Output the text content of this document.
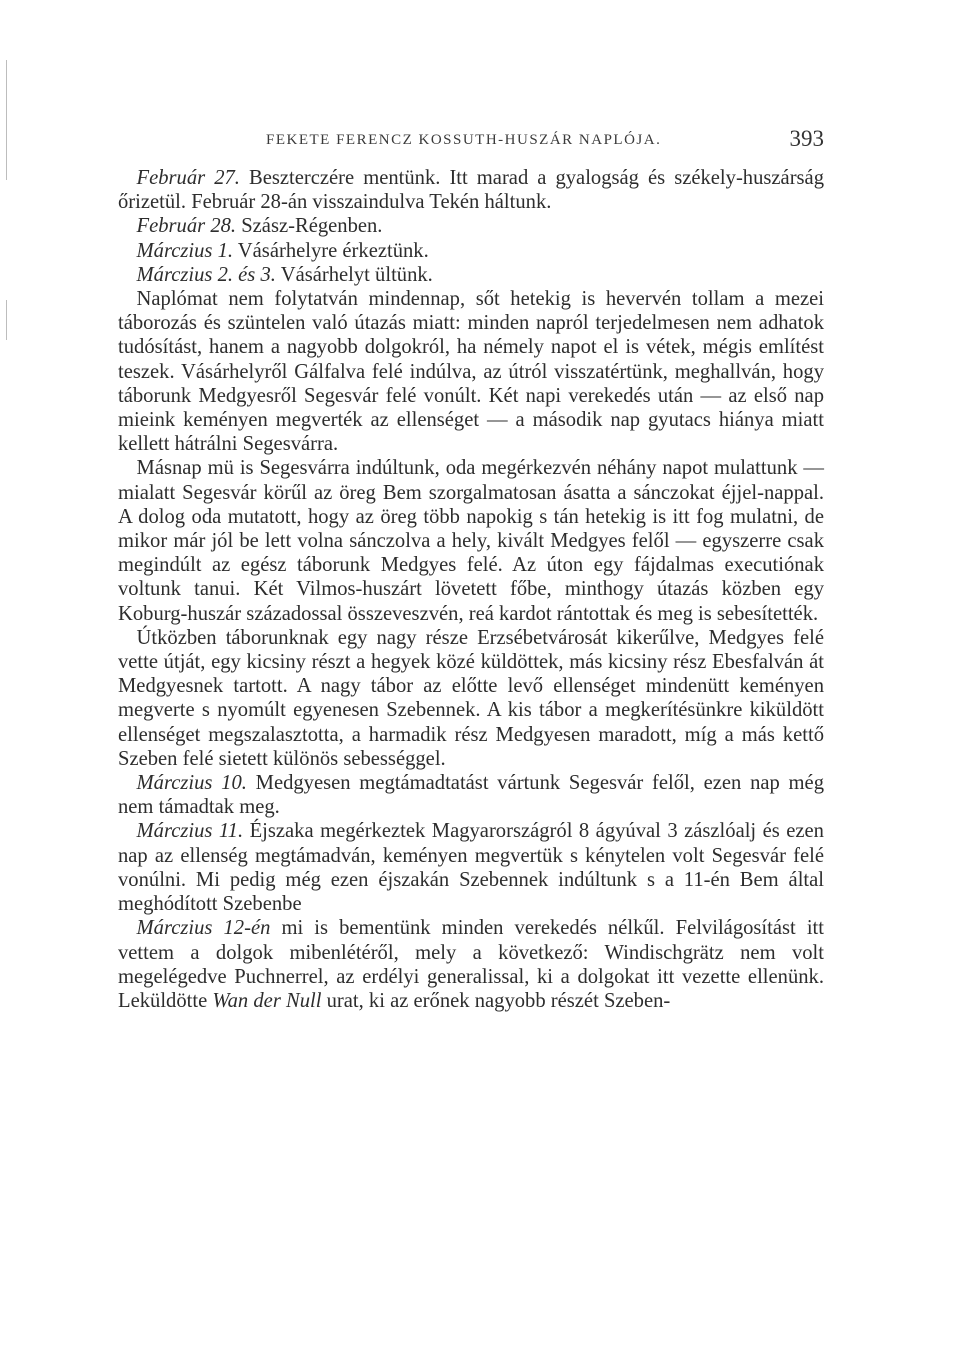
FEKETE FERENCZ KOSSUTH-HUSZÁR NAPLÓJA.	393

Február 27. Beszterczére mentünk. Itt marad a gyalogság és székely-huszárság őrizetül. Február 28-án visszaindulva Tekén háltunk.

Február 28. Szász-Régenben.

Márczius 1. Vásárhelyre érkeztünk.

Márczius 2. és 3. Vásárhelyt ültünk.

Naplómat nem folytatván mindennap, sőt hetekig is hevervén tollam a mezei táborozás és szüntelen való útazás miatt: minden napról terjedelmesen nem adhatok tudósítást, hanem a nagyobb dolgokról, ha némely napot el is vétek, mégis említést teszek. Vásárhelyről Gálfalva felé indúlva, az útról visszatértünk, meghallván, hogy táborunk Medgyesről Segesvár felé vonúlt. Két napi verekedés után — az első nap mieink keményen megverték az ellenséget — a második nap gyutacs hiánya miatt kellett hátrálni Segesvárra.

Másnap mü is Segesvárra indúltunk, oda megérkezvén néhány napot mulattunk — mialatt Segesvár körűl az öreg Bem szorgalmatosan ásatta a sánczokat éjjel-nappal. A dolog oda mutatott, hogy az öreg több napokig s tán hetekig is itt fog mulatni, de mikor már jól be lett volna sánczolva a hely, kivált Medgyes felől — egyszerre csak megindúlt az egész táborunk Medgyes felé. Az úton egy fájdalmas executiónak voltunk tanui. Két Vilmos-huszárt lövetett főbe, minthogy útazás közben egy Koburg-huszár századossal összeveszvén, reá kardot rántottak és meg is sebesítették.

Útközben táborunknak egy nagy része Erzsébetvárosát kikerűlve, Medgyes felé vette útját, egy kicsiny részt a hegyek közé küldöttek, más kicsiny rész Ebesfalván át Medgyesnek tartott. A nagy tábor az előtte levő ellenséget mindenütt keményen megverte s nyomúlt egyenesen Szebennek. A kis tábor a megkerítésünkre kiküldött ellenséget megszalasztotta, a harmadik rész Medgyesen maradott, míg a más kettő Szeben felé sietett különös sebességgel.

Márczius 10. Medgyesen megtámadtatást vártunk Segesvár felől, ezen nap még nem támadtak meg.

Márczius 11. Éjszaka megérkeztek Magyarországról 8 ágyúval 3 zászlóalj és ezen nap az ellenség megtámadván, keményen megvertük s kénytelen volt Segesvár felé vonúlni. Mi pedig még ezen éjszakán Szebennek indúltunk s a 11-én Bem által meghódított Szebenbe

Márczius 12-én mi is bementünk minden verekedés nélkűl. Felvilágosítást itt vettem a dolgok mibenlétéről, mely a következő: Windischgrätz nem volt megelégedve Puchnerrel, az erdélyi generalissal, ki a dolgokat itt vezette ellenünk. Leküldötte Wan der Null urat, ki az erőnek nagyobb részét Szeben-
